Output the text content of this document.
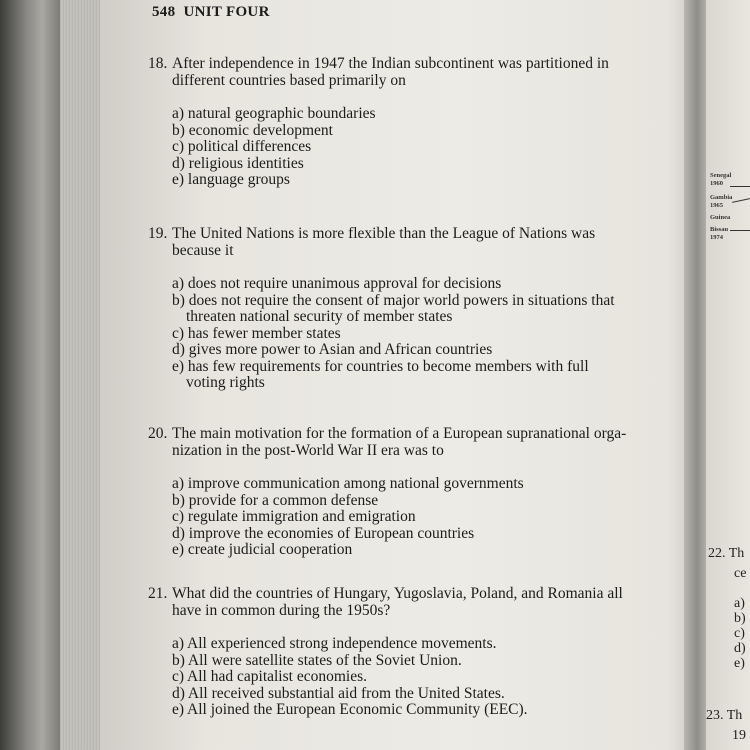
548 UNIT FOUR
18. After independence in 1947 the Indian subcontinent was partitioned in
different countries based primarily on
a) natural geographic boundaries
b) economic development
c) political differences
d) religious identities
e) language groups
19. The United Nations is more flexible than the League of Nations was
because it
a) does not require unanimous approval for decisions
b) does not require the consent of major world powers in situations that
threaten national security of member states
c) has fewer member states
d) gives more power to Asian and African countries
e) has few requirements for countries to become members with full
voting rights
20. The main motivation for the formation of a European supranational orga-
nization in the post-World War II era was to
a) improve communication among national governments
b) provide for a common defense
c) regulate immigration and emigration
d) improve the economies of European countries
e) create judicial cooperation
21. What did the countries of Hungary, Yugoslavia, Poland, and Romania all
have in common during the 1950s?
a) All experienced strong independence movements.
b) All were satellite states of the Soviet Union.
c) All had capitalist economies.
d) All received substantial aid from the United States.
e) All joined the European Economic Community (EEC).
Senegal
1960
Gambia
1965
Guinea
Bissau
1974
22. Th
ce
a)
b)
c)
d)
e)
23. Th
19
